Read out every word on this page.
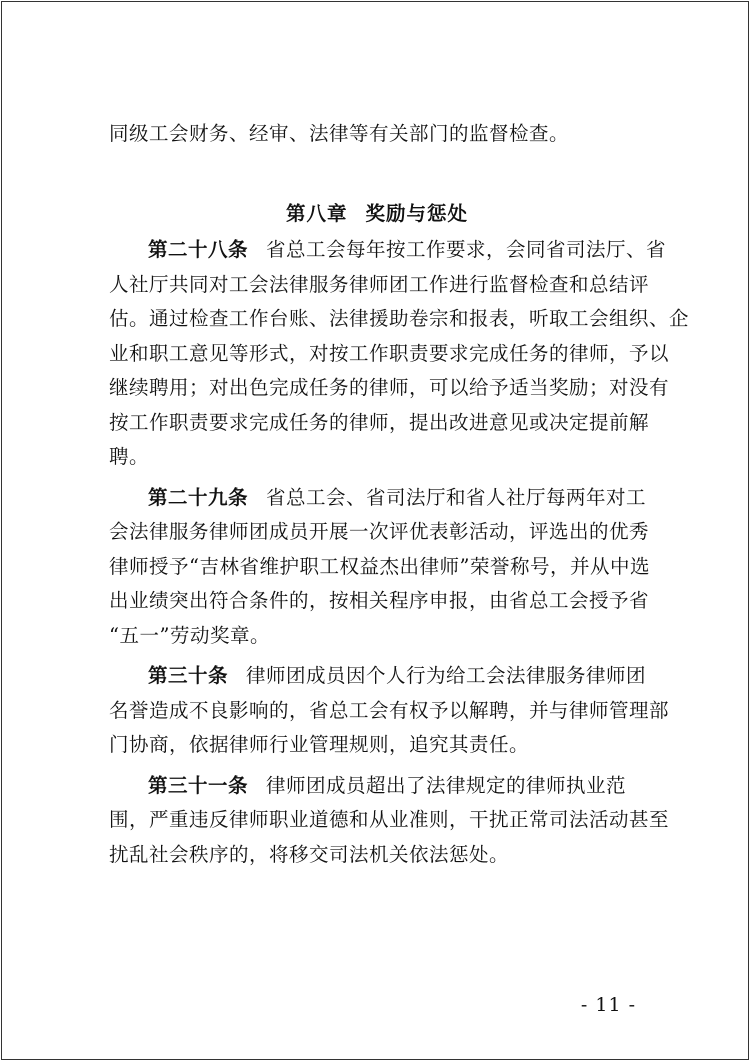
同级工会财务、经审、法律等有关部门的监督检查。
第八章 奖励与惩处
第二十八条 省总工会每年按工作要求，会同省司法厅、省
人社厅共同对工会法律服务律师团工作进行监督检查和总结评
估。通过检查工作台账、法律援助卷宗和报表，听取工会组织、企
业和职工意见等形式，对按工作职责要求完成任务的律师，予以
继续聘用；对出色完成任务的律师，可以给予适当奖励；对没有
按工作职责要求完成任务的律师，提出改进意见或决定提前解
聘。
第二十九条 省总工会、省司法厅和省人社厅每两年对工
会法律服务律师团成员开展一次评优表彰活动，评选出的优秀
律师授予“吉林省维护职工权益杰出律师”荣誉称号，并从中选
出业绩突出符合条件的，按相关程序申报，由省总工会授予省
“五一”劳动奖章。
第三十条 律师团成员因个人行为给工会法律服务律师团
名誉造成不良影响的，省总工会有权予以解聘，并与律师管理部
门协商，依据律师行业管理规则，追究其责任。
第三十一条 律师团成员超出了法律规定的律师执业范
围，严重违反律师职业道德和从业准则，干扰正常司法活动甚至
扰乱社会秩序的，将移交司法机关依法惩处。
- 11 -
